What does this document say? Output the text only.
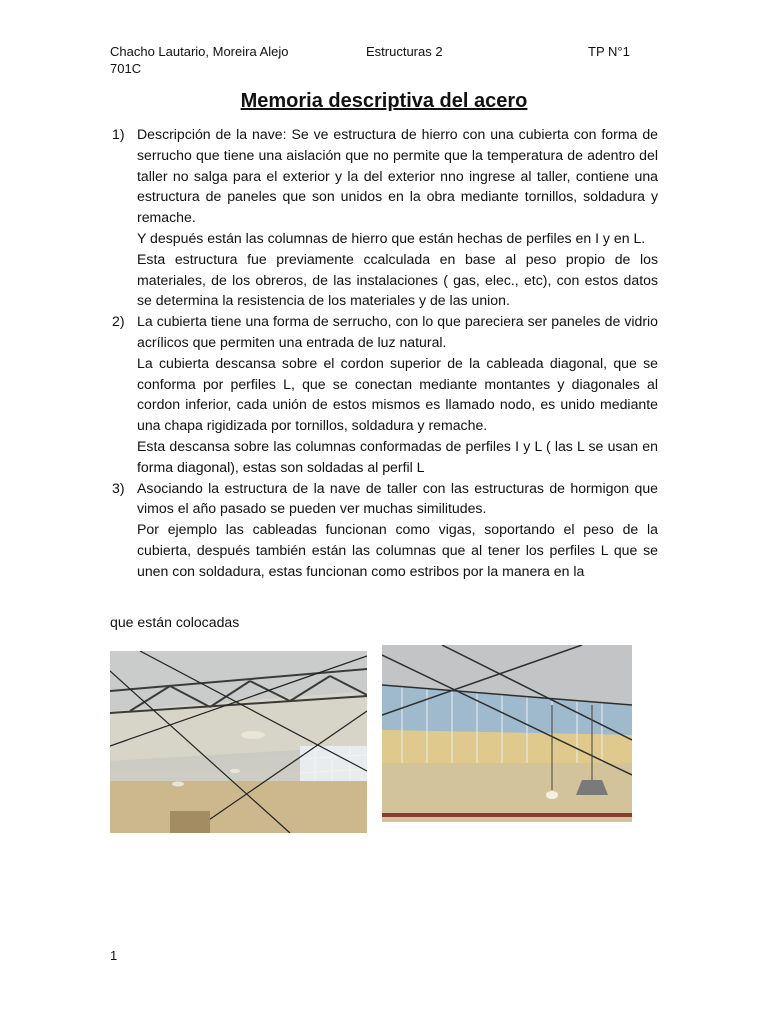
Chacho Lautario, Moreira Alejo	Estructuras 2	TP N°1
701C
Memoria descriptiva del acero
1) Descripción de la nave: Se ve estructura de hierro con una cubierta con forma de serrucho que tiene una aislación que no permite que la temperatura de adentro del taller no salga para el exterior y la del exterior nno ingrese al taller, contiene una estructura de paneles que son unidos en la obra mediante tornillos, soldadura y remache.

Y después están las columnas de hierro que están hechas de perfiles en I y en L.

Esta estructura fue previamente ccalculada en base al peso propio de los materiales, de los obreros, de las instalaciones ( gas, elec., etc), con estos datos se determina la resistencia de los materiales y de las union.

2) La cubierta tiene una forma de serrucho, con lo que pareciera ser paneles de vidrio acrílicos que permiten una entrada de luz natural.

La cubierta descansa sobre el cordon superior de la cableada diagonal, que se conforma por perfiles L, que se conectan mediante montantes y diagonales al cordon inferior, cada unión de estos mismos es llamado nodo, es unido mediante una chapa rigidizada por tornillos, soldadura y remache.

Esta descansa sobre las columnas conformadas de perfiles I y L ( las L se usan en forma diagonal), estas son soldadas al perfil L

3) Asociando la estructura de la nave de taller con las estructuras de hormigon que vimos el año pasado se pueden ver muchas similitudes.

Por ejemplo las cableadas funcionan como vigas, soportando el peso de la cubierta, después también están las columnas que al tener los perfiles L que se unen con soldadura, estas funcionan como estribos por la manera en la

que están colocadas
1
